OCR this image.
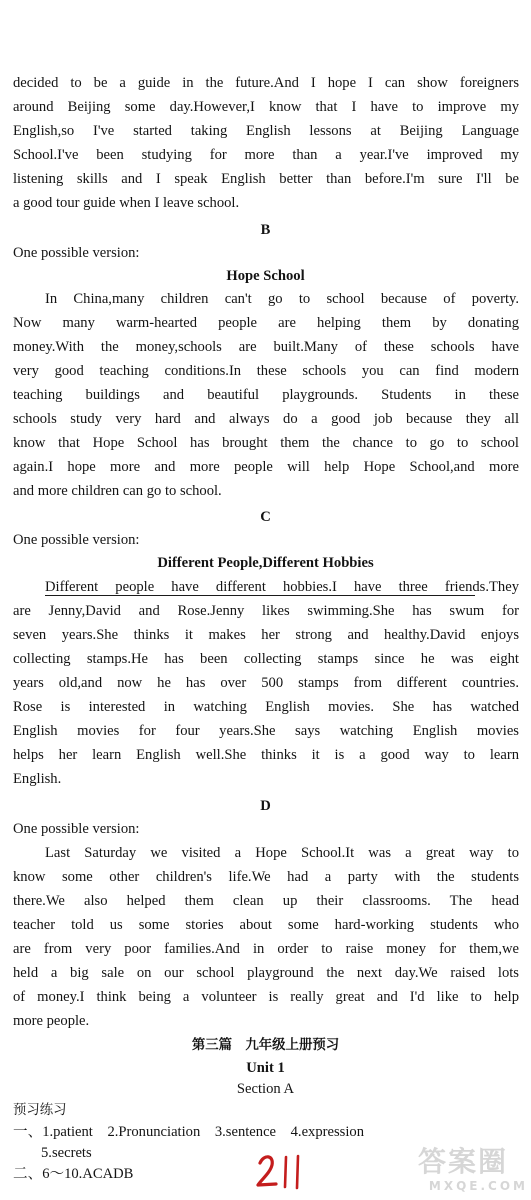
decided to be a guide in the future.And I hope I can show foreigners
around Beijing some day.However,I know that I have to improve my
English,so I've started taking English lessons at Beijing Language
School.I've been studying for more than a year.I've improved my
listening skills and I speak English better than before.I'm sure I'll be
a good tour guide when I leave school.
B
One possible version:
Hope School
In China,many children can't go to school because of poverty.
Now many warm-hearted people are helping them by donating
money.With the money,schools are built.Many of these schools have
very good teaching conditions.In these schools you can find modern
teaching buildings and beautiful playgrounds. Students in these
schools study very hard and always do a good job because they all
know that Hope School has brought them the chance to go to school
again.I hope more and more people will help Hope School,and more
and more children can go to school.
C
One possible version:
Different People,Different Hobbies
Different people have different hobbies.I have three friends.They
are Jenny,David and Rose.Jenny likes swimming.She has swum for
seven years.She thinks it makes her strong and healthy.David enjoys
collecting stamps.He has been collecting stamps since he was eight
years old,and now he has over 500 stamps from different countries.
Rose is interested in watching English movies. She has watched
English movies for four years.She says watching English movies
helps her learn English well.She thinks it is a good way to learn
English.
D
One possible version:
Last Saturday we visited a Hope School.It was a great way to
know some other children's life.We had a party with the students
there.We also helped them clean up their classrooms. The head
teacher told us some stories about some hard-working students who
are from very poor families.And in order to raise money for them,we
held a big sale on our school playground the next day.We raised lots
of money.I think being a volunteer is really great and I'd like to help
more people.
第三篇　九年级上册预习
Unit 1
Section A
预习练习
一、1.patient　2.Pronunciation　3.sentence　4.expression
5.secrets
二、6～10.ACADB	答案圈
MXQE.COM
